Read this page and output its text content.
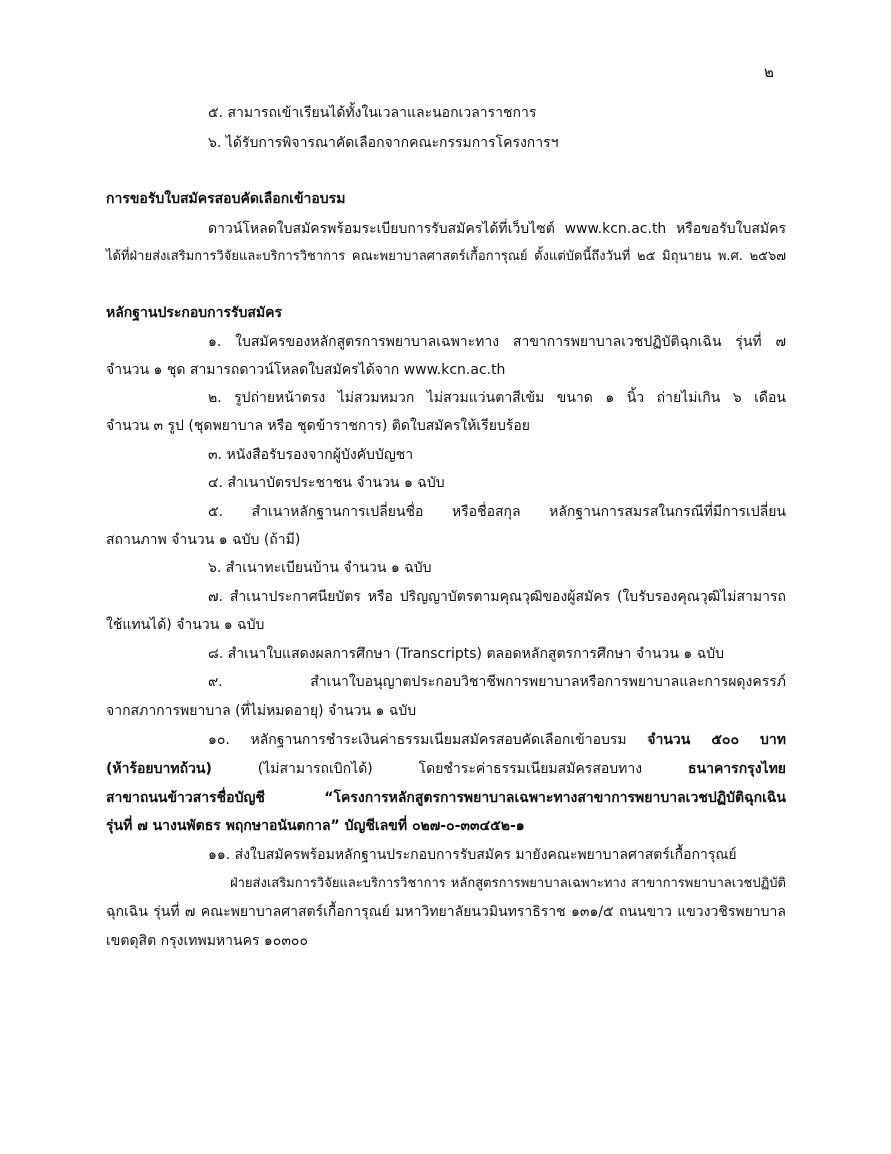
๒
๕. สามารถเข้าเรียนได้ทั้งในเวลาและนอกเวลาราชการ
๖. ได้รับการพิจารณาคัดเลือกจากคณะกรรมการโครงการฯ
การขอรับใบสมัครสอบคัดเลือกเข้าอบรม
ดาวน์โหลดใบสมัครพร้อมระเบียบการรับสมัครได้ที่เว็บไซต์ www.kcn.ac.th หรือขอรับใบสมัคร
ได้ที่ฝ่ายส่งเสริมการวิจัยและบริการวิชาการ คณะพยาบาลศาสตร์เกื้อการุณย์ ตั้งแต่บัดนี้ถึงวันที่ ๒๕ มิถุนายน พ.ศ. ๒๕๖๗
หลักฐานประกอบการรับสมัคร
๑. ใบสมัครของหลักสูตรการพยาบาลเฉพาะทาง สาขาการพยาบาลเวชปฏิบัติฉุกเฉิน รุ่นที่ ๗
จำนวน ๑ ชุด สามารถดาวน์โหลดใบสมัครได้จาก www.kcn.ac.th
๒. รูปถ่ายหน้าตรง ไม่สวมหมวก ไม่สวมแว่นตาสีเข้ม ขนาด ๑ นิ้ว ถ่ายไม่เกิน ๖ เดือน
จำนวน ๓ รูป (ชุดพยาบาล หรือ ชุดข้าราชการ) ติดใบสมัครให้เรียบร้อย
๓. หนังสือรับรองจากผู้บังคับบัญชา
๔. สำเนาบัตรประชาชน จำนวน ๑ ฉบับ
๕. สำเนาหลักฐานการเปลี่ยนชื่อ หรือชื่อสกุล หลักฐานการสมรสในกรณีที่มีการเปลี่ยน
สถานภาพ จำนวน ๑ ฉบับ (ถ้ามี)
๖. สำเนาทะเบียนบ้าน จำนวน ๑ ฉบับ
๗. สำเนาประกาศนียบัตร หรือ ปริญญาบัตรตามคุณวุฒิของผู้สมัคร (ใบรับรองคุณวุฒิไม่สามารถ
ใช้แทนได้) จำนวน ๑ ฉบับ
๘. สำเนาใบแสดงผลการศึกษา (Transcripts) ตลอดหลักสูตรการศึกษา จำนวน ๑ ฉบับ
๙. สำเนาใบอนุญาตประกอบวิชาชีพการพยาบาลหรือการพยาบาลและการผดุงครรภ์
จากสภาการพยาบาล (ที่ไม่หมดอายุ) จำนวน ๑ ฉบับ
๑๐. หลักฐานการชำระเงินค่าธรรมเนียมสมัครสอบคัดเลือกเข้าอบรม จำนวน ๕๐๐ บาท
(ห้าร้อยบาทถ้วน) (ไม่สามารถเบิกได้) โดยชำระค่าธรรมเนียมสมัครสอบทาง ธนาคารกรุงไทย
สาขาถนนข้าวสารชื่อบัญชี “โครงการหลักสูตรการพยาบาลเฉพาะทางสาขาการพยาบาลเวชปฏิบัติฉุกเฉิน
รุ่นที่ ๗ นางนพัตธร พฤกษาอนันตกาล” บัญชีเลขที่ ๐๒๗-๐-๓๓๔๕๒-๑
๑๑. ส่งใบสมัครพร้อมหลักฐานประกอบการรับสมัคร มายังคณะพยาบาลศาสตร์เกื้อการุณย์
ฝ่ายส่งเสริมการวิจัยและบริการวิชาการ หลักสูตรการพยาบาลเฉพาะทาง สาขาการพยาบาลเวชปฏิบัติ
ฉุกเฉิน รุ่นที่ ๗ คณะพยาบาลศาสตร์เกื้อการุณย์ มหาวิทยาลัยนวมินทราธิราช ๑๓๑/๕ ถนนขาว แขวงวชิรพยาบาล
เขตดุสิต กรุงเทพมหานคร ๑๐๓๐๐
